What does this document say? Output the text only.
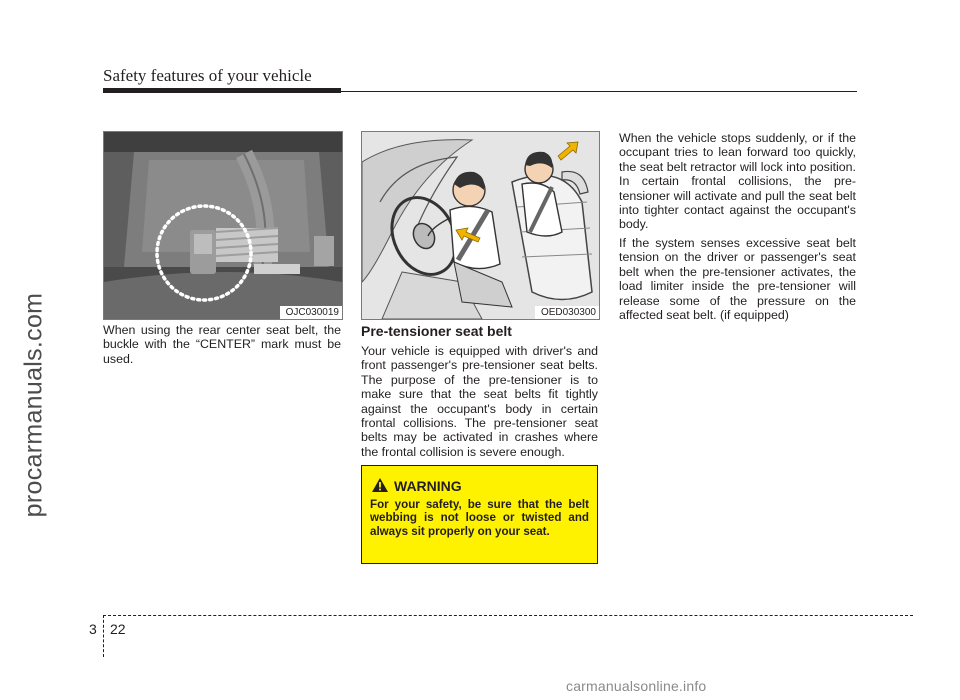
Safety features of your vehicle
procarmanuals.com	OJC030019	OED030300
When using the rear center seat belt, the buckle with the “CENTER” mark must be used.
Pre-tensioner seat belt
Your vehicle is equipped with driver's and front passenger's pre-tensioner seat belts. The purpose of the pre-tensioner is to make sure that the seat belts fit tightly against the occupant's body in certain frontal collisions. The pre-tensioner seat belts may be activated in crashes where the frontal collision is severe enough.
WARNING
For your safety, be sure that the belt webbing is not loose or twisted and always sit properly on your seat.
When the vehicle stops suddenly, or if the occupant tries to lean forward too quickly, the seat belt retractor will lock into position. In certain frontal collisions, the pre-tensioner will activate and pull the seat belt into tighter contact against the occupant's body.
If the system senses excessive seat belt tension on the driver or passenger's seat belt when the pre-tensioner activates, the load limiter inside the pre-tensioner will release some of the pressure on the affected seat belt. (if equipped)
3 22
carmanualsonline.info
